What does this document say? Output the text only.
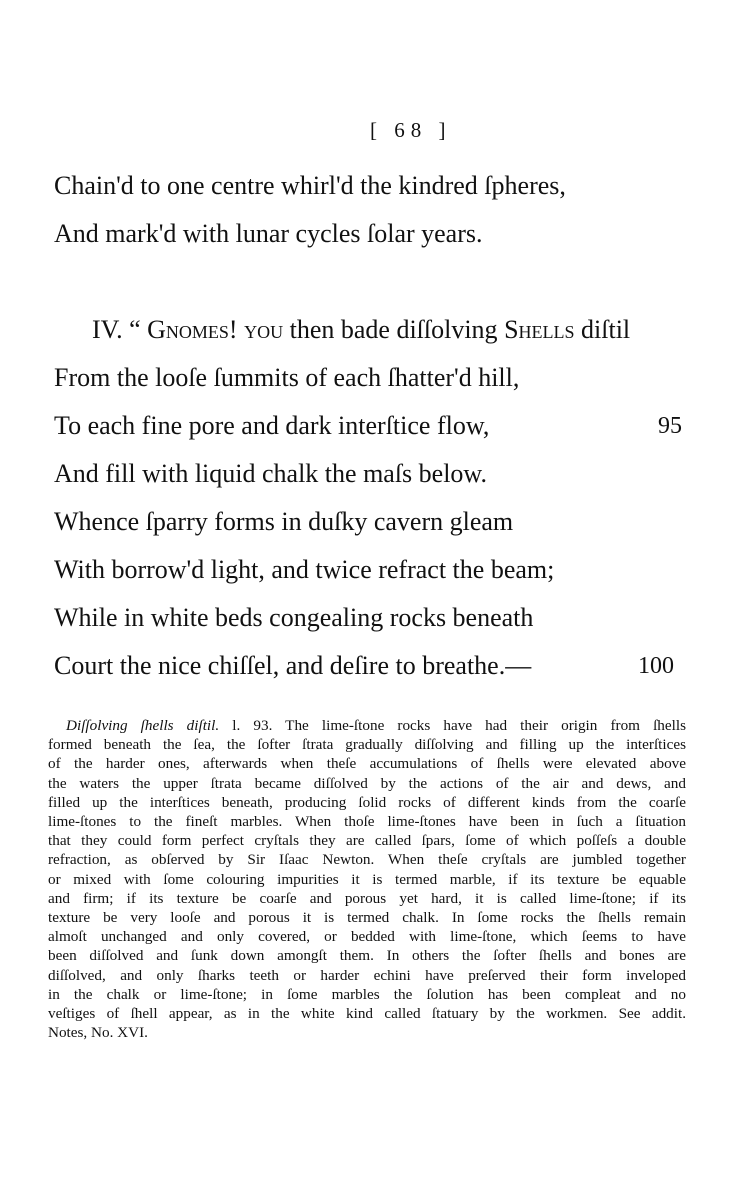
[ 68 ]
Chain'd to one centre whirl'd the kindred ſpheres,
And mark'd with lunar cycles ſolar years.
IV. “ Gnomes! you then bade diſſolving Shells diſtil
From the looſe ſummits of each ſhatter'd hill,
To each fine pore and dark interſtice flow,	95
And fill with liquid chalk the maſs below.
Whence ſparry forms in duſky cavern gleam
With borrow'd light, and twice refract the beam;
While in white beds congealing rocks beneath
Court the nice chiſſel, and deſire to breathe.—	100
Diſſolving ſhells diſtil. l. 93. The lime-ſtone rocks have had their origin from ſhells
formed beneath the ſea, the ſofter ſtrata gradually diſſolving and filling up the interſtices
of the harder ones, afterwards when theſe accumulations of ſhells were elevated above
the waters the upper ſtrata became diſſolved by the actions of the air and dews, and
filled up the interſtices beneath, producing ſolid rocks of different kinds from the coarſe
lime-ſtones to the fineſt marbles. When thoſe lime-ſtones have been in ſuch a ſituation
that they could form perfect cryſtals they are called ſpars, ſome of which poſſeſs a double
refraction, as obſerved by Sir Iſaac Newton. When theſe cryſtals are jumbled together
or mixed with ſome colouring impurities it is termed marble, if its texture be equable
and firm; if its texture be coarſe and porous yet hard, it is called lime-ſtone; if its
texture be very looſe and porous it is termed chalk. In ſome rocks the ſhells remain
almoſt unchanged and only covered, or bedded with lime-ſtone, which ſeems to have
been diſſolved and ſunk down amongſt them. In others the ſofter ſhells and bones are
diſſolved, and only ſharks teeth or harder echini have preſerved their form inveloped
in the chalk or lime-ſtone; in ſome marbles the ſolution has been compleat and no
veſtiges of ſhell appear, as in the white kind called ſtatuary by the workmen. See addit.
Notes, No. XVI.
